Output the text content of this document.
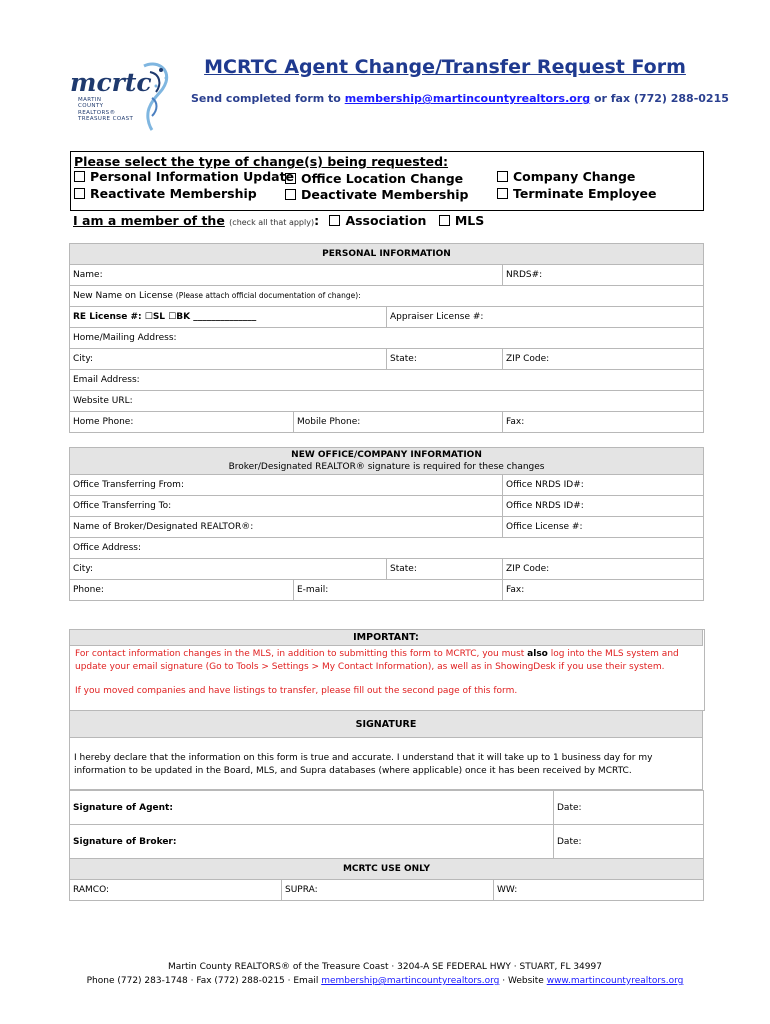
mcrtc
MARTIN
COUNTY
REALTORS®
TREASURE COAST
MCRTC Agent Change/Transfer Request Form
Send completed form to membership@martincountyrealtors.org or fax (772) 288-0215
Please select the type of change(s) being requested:
Personal Information Update Office Location Change	Company Change
Reactivate Membership	Deactivate Membership	Terminate Employee
I am a member of the (check all that apply): Association MLS
PERSONAL INFORMATION			
Name:			NRDS#:
New Name on License (Please attach official documentation of change):			
RE License #: ☐SL ☐BK ______________		Appraiser License #:	
Home/Mailing Address:			
City:		State:	ZIP Code:
Email Address:			
Website URL:			
Home Phone:	Mobile Phone:		Fax:
NEW OFFICE/COMPANY INFORMATION
Broker/Designated REALTOR® signature is required for these changes			

Office Transferring From:			Office NRDS ID#:
Office Transferring To:			Office NRDS ID#:
Name of Broker/Designated REALTOR®:			Office License #:
Office Address:			
City:		State:	ZIP Code:
Phone:	E-mail:		Fax:
IMPORTANT:
For contact information changes in the MLS, in addition to submitting this form to MCRTC, you must also log into the MLS system and update your email signature (Go to Tools > Settings > My Contact Information), as well as in ShowingDesk if you use their system.
If you moved companies and have listings to transfer, please fill out the second page of this form.
SIGNATURE
I hereby declare that the information on this form is true and accurate. I understand that it will take up to 1 business day for my information to be updated in the Board, MLS, and Supra databases (where applicable) once it has been received by MCRTC.
Signature of Agent:	Date:
Signature of Broker:	Date:
MCRTC USE ONLY
RAMCO:	SUPRA:	WW:
Martin County REALTORS® of the Treasure Coast · 3204-A SE FEDERAL HWY · STUART, FL 34997
Phone (772) 283-1748 · Fax (772) 288-0215 · Email membership@martincountyrealtors.org · Website www.martincountyrealtors.org
